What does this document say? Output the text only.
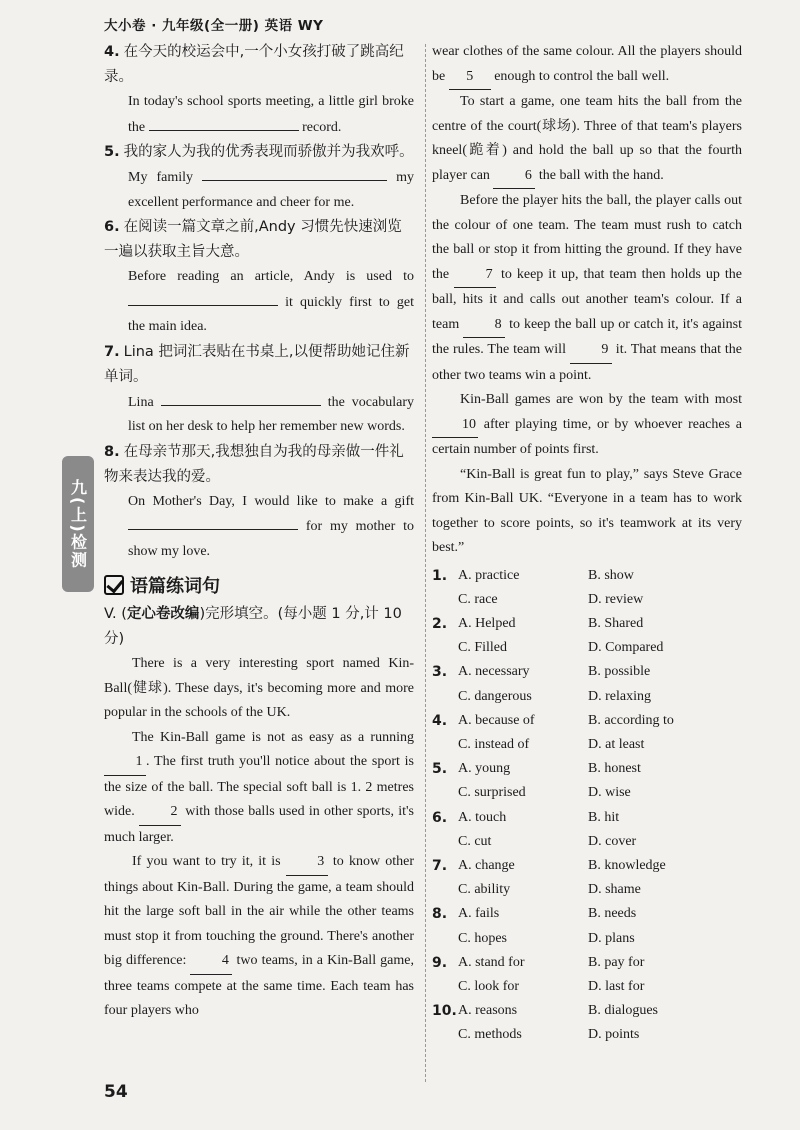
大小卷 · 九年级(全一册) 英语 WY
九(上)检测
4. 在今天的校运会中,一个小女孩打破了跳高纪录。
In today's school sports meeting, a little girl broke the	record.
5. 我的家人为我的优秀表现而骄傲并为我欢呼。
My family	my excellent performance and cheer for me.
6. 在阅读一篇文章之前,Andy 习惯先快速浏览一遍以获取主旨大意。
Before reading an article, Andy is used to  it quickly first to get the main idea.
7. Lina 把词汇表贴在书桌上,以便帮助她记住新单词。
Lina	the vocabulary list on her desk to help her remember new words.
8. 在母亲节那天,我想独自为我的母亲做一件礼物来表达我的爱。
On Mother's Day, I would like to make a gift  for my mother to show my love.
语篇练词句
V. (定心卷改编)完形填空。(每小题 1 分,计 10 分)
There is a very interesting sport named Kin-Ball(健球). These days, it's becoming more and more popular in the schools of the UK.
The Kin-Ball game is not as easy as a running 1 . The first truth you'll notice about the sport is the size of the ball. The special soft ball is 1. 2 metres wide. 2 with those balls used in other sports, it's much larger.
If you want to try it, it is 3 to know other things about Kin-Ball. During the game, a team should hit the large soft ball in the air while the other teams must stop it from touching the ground. There's another big difference: 4 two teams, in a Kin-Ball game, three teams compete at the same time. Each team has four players who
wear clothes of the same colour. All the players should be 5 enough to control the ball well.
To start a game, one team hits the ball from the centre of the court(球场). Three of that team's players kneel(跪着) and hold the ball up so that the fourth player can 6 the ball with the hand.
Before the player hits the ball, the player calls out the colour of one team. The team must rush to catch the ball or stop it from hitting the ground. If they have the 7 to keep it up, that team then holds up the ball, hits it and calls out another team's colour. If a team 8 to keep the ball up or catch it, it's against the rules. The team will 9 it. That means that the other two teams win a point.
Kin-Ball games are won by the team with most 10 after playing time, or by whoever reaches a certain number of points first.
“Kin-Ball is great fun to play,” says Steve Grace from Kin-Ball UK. “Everyone in a team has to work together to score points, so it's teamwork at its very best.”
1. A. practice	B. show
C. race	D. review
2. A. Helped	B. Shared
C. Filled	D. Compared
3. A. necessary	B. possible
C. dangerous	D. relaxing
4. A. because of	B. according to
C. instead of	D. at least
5. A. young	B. honest
C. surprised	D. wise
6. A. touch	B. hit
C. cut	D. cover
7. A. change	B. knowledge
C. ability	D. shame
8. A. fails	B. needs
C. hopes	D. plans
9. A. stand for	B. pay for
C. look for	D. last for
10. A. reasons	B. dialogues
C. methods	D. points
54
